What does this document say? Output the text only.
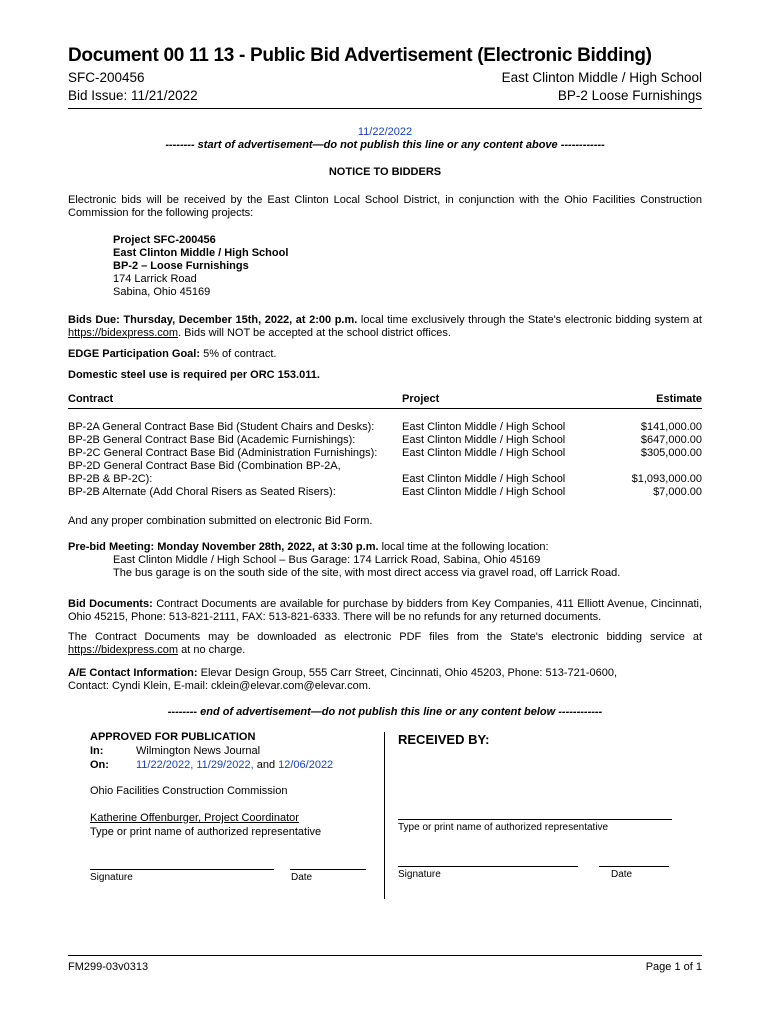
Document 00 11 13 - Public Bid Advertisement (Electronic Bidding)
SFC-200456
Bid Issue: 11/21/2022
East Clinton Middle / High School
BP-2 Loose Furnishings
11/22/2022
-------- start of advertisement—do not publish this line or any content above ------------
NOTICE TO BIDDERS
Electronic bids will be received by the East Clinton Local School District, in conjunction with the Ohio Facilities Construction Commission for the following projects:
Project SFC-200456
East Clinton Middle / High School
BP-2 – Loose Furnishings
174 Larrick Road
Sabina, Ohio 45169
Bids Due: Thursday, December 15th, 2022, at 2:00 p.m. local time exclusively through the State's electronic bidding system at https://bidexpress.com. Bids will NOT be accepted at the school district offices.
EDGE Participation Goal: 5% of contract.
Domestic steel use is required per ORC 153.011.
Contract	Project	Estimate

BP-2A General Contract Base Bid (Student Chairs and Desks):	East Clinton Middle / High School	$141,000.00
BP-2B General Contract Base Bid (Academic Furnishings):	East Clinton Middle / High School	$647,000.00
BP-2C General Contract Base Bid (Administration Furnishings):	East Clinton Middle / High School	$305,000.00
BP-2D General Contract Base Bid (Combination BP-2A,		
BP-2B & BP-2C):	East Clinton Middle / High School	$1,093,000.00
BP-2B Alternate (Add Choral Risers as Seated Risers):	East Clinton Middle / High School	$7,000.00
And any proper combination submitted on electronic Bid Form.
Pre-bid Meeting: Monday November 28th, 2022, at 3:30 p.m. local time at the following location:
East Clinton Middle / High School – Bus Garage: 174 Larrick Road, Sabina, Ohio 45169
The bus garage is on the south side of the site, with most direct access via gravel road, off Larrick Road.
Bid Documents: Contract Documents are available for purchase by bidders from Key Companies, 411 Elliott Avenue, Cincinnati, Ohio 45215, Phone: 513-821-2111, FAX: 513-821-6333. There will be no refunds for any returned documents.
The Contract Documents may be downloaded as electronic PDF files from the State's electronic bidding service at https://bidexpress.com at no charge.
A/E Contact Information: Elevar Design Group, 555 Carr Street, Cincinnati, Ohio 45203, Phone: 513-721-0600,
Contact: Cyndi Klein, E-mail: cklein@elevar.com@elevar.com.
-------- end of advertisement—do not publish this line or any content below ------------
APPROVED FOR PUBLICATION
In:	Wilmington News Journal
On: 11/22/2022, 11/29/2022, and 12/06/2022
Ohio Facilities Construction Commission
Katherine Offenburger, Project Coordinator
Type or print name of authorized representative
Signature	Date
RECEIVED BY:
Type or print name of authorized representative
Signature	Date
FM299-03v0313	Page 1 of 1
